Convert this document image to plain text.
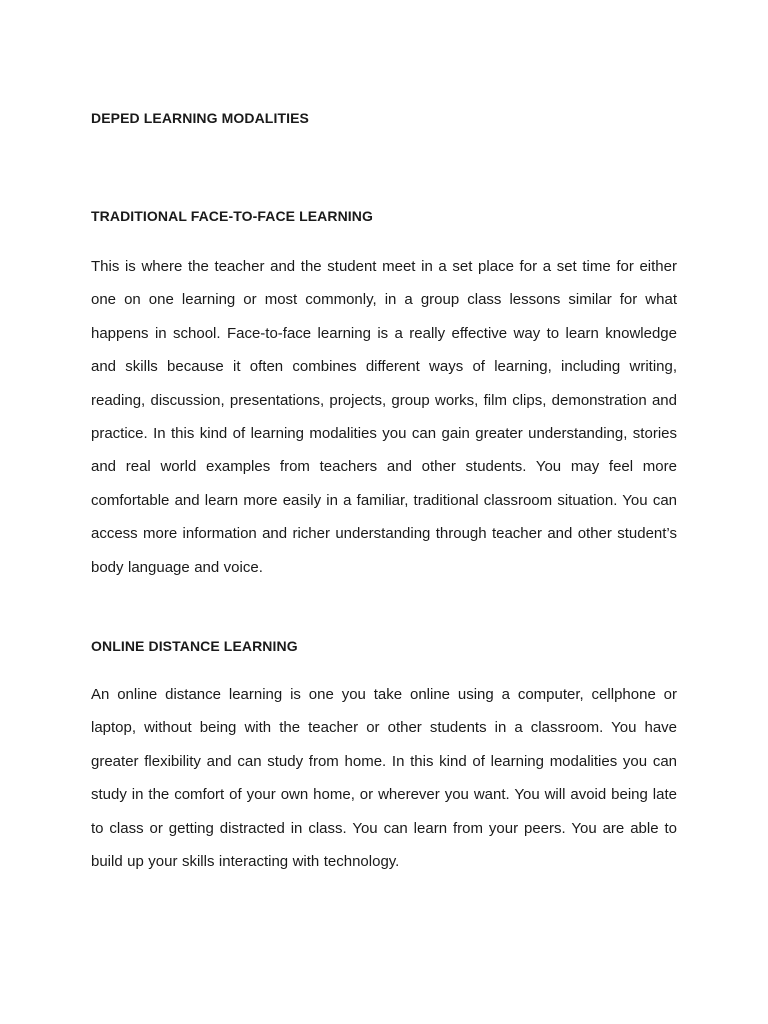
DEPED LEARNING MODALITIES
TRADITIONAL FACE-TO-FACE LEARNING

This is where the teacher and the student meet in a set place for a set time for either one on one learning or most commonly, in a group class lessons similar for what happens in school. Face-to-face learning is a really effective way to learn knowledge and skills because it often combines different ways of learning, including writing, reading, discussion, presentations, projects, group works, film clips, demonstration and practice. In this kind of learning modalities you can gain greater understanding, stories and real world examples from teachers and other students. You may feel more comfortable and learn more easily in a familiar, traditional classroom situation. You can access more information and richer understanding through teacher and other student’s body language and voice.

ONLINE DISTANCE LEARNING

An online distance learning is one you take online using a computer, cellphone or laptop, without being with the teacher or other students in a classroom. You have greater flexibility and can study from home. In this kind of learning modalities you can study in the comfort of your own home, or wherever you want. You will avoid being late to class or getting distracted in class. You can learn from your peers. You are able to build up your skills interacting with technology.
